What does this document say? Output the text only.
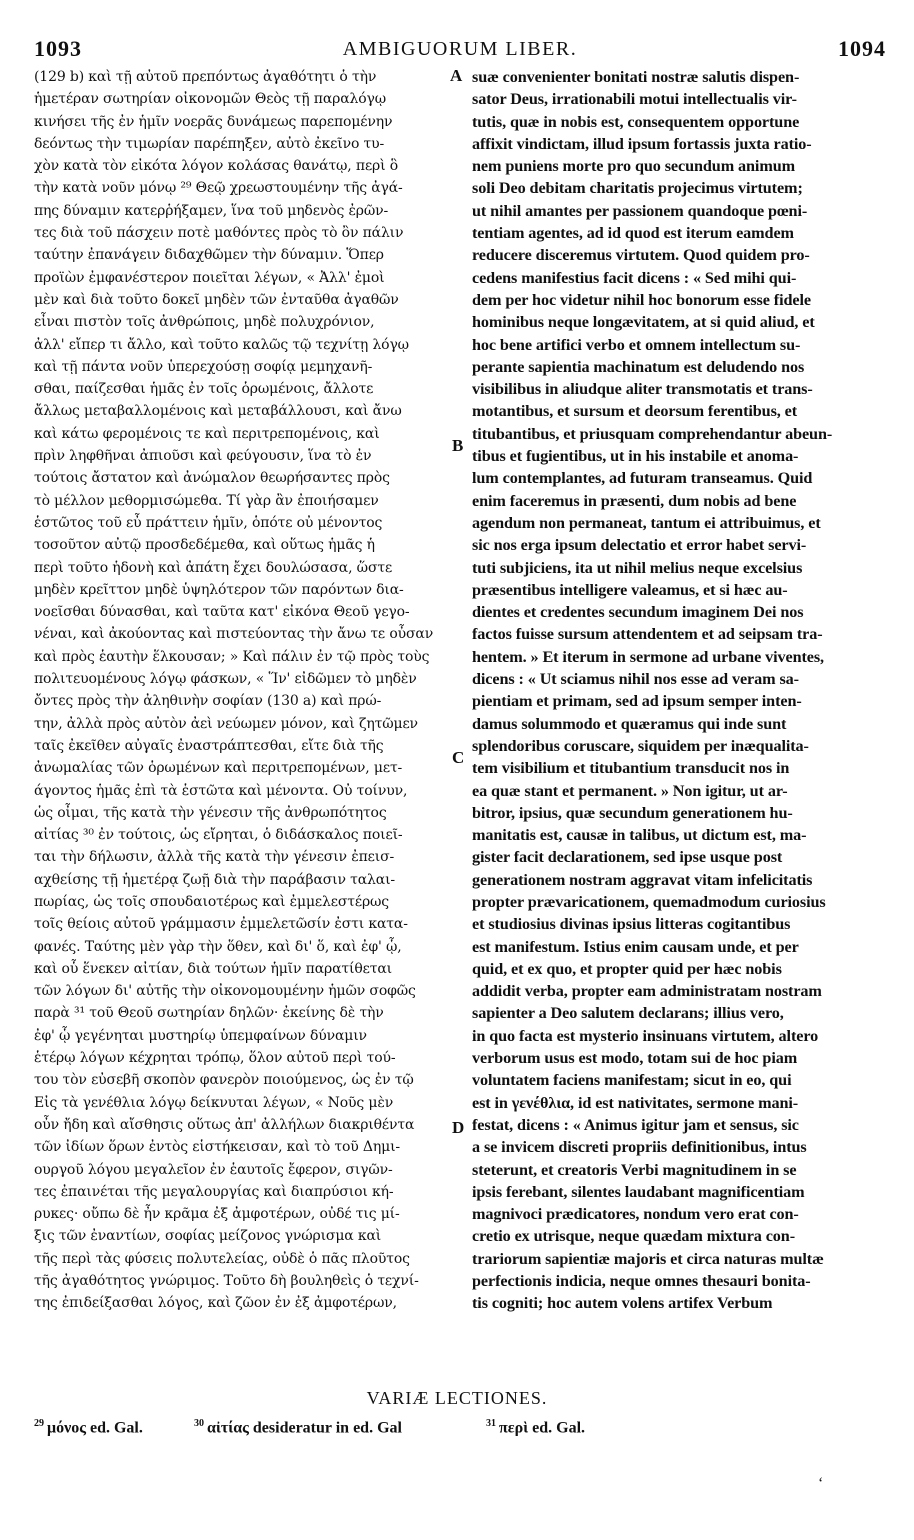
1093	AMBIGUORUM LIBER.	1094
(129 b) καὶ τῇ αὐτοῦ πρεπόντως ἀγαθότητι ὁ τὴν
ἡμετέραν σωτηρίαν οἰκονομῶν Θεὸς τῇ παραλόγῳ
κινήσει τῆς ἐν ἡμῖν νοερᾶς δυνάμεως παρεπομένην
δεόντως τὴν τιμωρίαν παρέπηξεν, αὐτὸ ἐκεῖνο τυ-
χὸν κατὰ τὸν εἰκότα λόγον κολάσας θανάτῳ, περὶ ὃ
τὴν κατὰ νοῦν μόνῳ ²⁹ Θεῷ χρεωστουμένην τῆς ἀγά-
πης δύναμιν κατερῥήξαμεν, ἵνα τοῦ μηδενὸς ἐρῶν-
τες διὰ τοῦ πάσχειν ποτὲ μαθόντες πρὸς τὸ ὂν πάλιν
ταύτην ἐπανάγειν διδαχθῶμεν τὴν δύναμιν. Ὅπερ
προϊὼν ἐμφανέστερον ποιεῖται λέγων, « Ἀλλ' ἐμοὶ
μὲν καὶ διὰ τοῦτο δοκεῖ μηδὲν τῶν ἐνταῦθα ἀγαθῶν
εἶναι πιστὸν τοῖς ἀνθρώποις, μηδὲ πολυχρόνιον,
ἀλλ' εἴπερ τι ἄλλο, καὶ τοῦτο καλῶς τῷ τεχνίτῃ λόγῳ
καὶ τῇ πάντα νοῦν ὑπερεχούσῃ σοφίᾳ μεμηχανῆ-
σθαι, παίζεσθαι ἡμᾶς ἐν τοῖς ὁρωμένοις, ἄλλοτε
ἄλλως μεταβαλλομένοις καὶ μεταβάλλουσι, καὶ ἄνω
καὶ κάτω φερομένοις τε καὶ περιτρεπομένοις, καὶ
πρὶν ληφθῆναι ἀπιοῦσι καὶ φεύγουσιν, ἵνα τὸ ἐν
τούτοις ἄστατον καὶ ἀνώμαλον θεωρήσαντες πρὸς
τὸ μέλλον μεθορμισώμεθα. Τί γὰρ ἂν ἐποιήσαμεν
ἑστῶτος τοῦ εὖ πράττειν ἡμῖν, ὁπότε οὐ μένοντος
τοσοῦτον αὐτῷ προσδεδέμεθα, καὶ οὕτως ἡμᾶς ἡ
περὶ τοῦτο ἡδονὴ καὶ ἀπάτη ἔχει δουλώσασα, ὥστε
μηδὲν κρεῖττον μηδὲ ὑψηλότερον τῶν παρόντων δια-
νοεῖσθαι δύνασθαι, καὶ ταῦτα κατ' εἰκόνα Θεοῦ γεγο-
νέναι, καὶ ἀκούοντας καὶ πιστεύοντας τὴν ἄνω τε οὖσαν
καὶ πρὸς ἑαυτὴν ἕλκουσαν; » Καὶ πάλιν ἐν τῷ πρὸς τοὺς
πολιτευομένους λόγῳ φάσκων, « Ἵν' εἰδῶμεν τὸ μηδὲν
ὄντες πρὸς τὴν ἀληθινὴν σοφίαν (130 a) καὶ πρώ-
την, ἀλλὰ πρὸς αὐτὸν ἀεὶ νεύωμεν μόνον, καὶ ζητῶμεν
ταῖς ἐκεῖθεν αὐγαῖς ἐναστράπτεσθαι, εἴτε διὰ τῆς
ἀνωμαλίας τῶν ὁρωμένων καὶ περιτρεπομένων, μετ-
άγοντος ἡμᾶς ἐπὶ τὰ ἑστῶτα καὶ μένοντα. Οὐ τοίνυν,
ὡς οἶμαι, τῆς κατὰ τὴν γένεσιν τῆς ἀνθρωπότητος
αἰτίας ³⁰ ἐν τούτοις, ὡς εἴρηται, ὁ διδάσκαλος ποιεῖ-
ται τὴν δήλωσιν, ἀλλὰ τῆς κατὰ τὴν γένεσιν ἐπεισ-
αχθείσης τῇ ἡμετέρᾳ ζωῇ διὰ τὴν παράβασιν ταλαι-
πωρίας, ὡς τοῖς σπουδαιοτέρως καὶ ἐμμελεστέρως
τοῖς θείοις αὐτοῦ γράμμασιν ἐμμελετῶσίν ἐστι κατα-
φανές. Ταύτης μὲν γὰρ τὴν ὅθεν, καὶ δι' ὅ, καὶ ἐφ' ᾧ,
καὶ οὗ ἕνεκεν αἰτίαν, διὰ τούτων ἡμῖν παρατίθεται
τῶν λόγων δι' αὐτῆς τὴν οἰκονομουμένην ἡμῶν σοφῶς
παρὰ ³¹ τοῦ Θεοῦ σωτηρίαν δηλῶν· ἐκείνης δὲ τὴν
ἐφ' ᾧ γεγένηται μυστηρίῳ ὑπεμφαίνων δύναμιν
ἑτέρῳ λόγων κέχρηται τρόπῳ, ὅλον αὐτοῦ περὶ τού-
του τὸν εὐσεβῆ σκοπὸν φανερὸν ποιούμενος, ὡς ἐν τῷ
Εἰς τὰ γενέθλια λόγῳ δείκνυται λέγων, « Νοῦς μὲν
οὖν ἤδη καὶ αἴσθησις οὕτως ἀπ' ἀλλήλων διακριθέντα
τῶν ἰδίων ὅρων ἐντὸς εἱστήκεισαν, καὶ τὸ τοῦ Δημι-
ουργοῦ λόγου μεγαλεῖον ἐν ἑαυτοῖς ἔφερον, σιγῶν-
τες ἐπαινέται τῆς μεγαλουργίας καὶ διαπρύσιοι κή-
ρυκες· οὔπω δὲ ἦν κρᾶμα ἐξ ἀμφοτέρων, οὐδέ τις μί-
ξις τῶν ἐναντίων, σοφίας μείζονος γνώρισμα καὶ
τῆς περὶ τὰς φύσεις πολυτελείας, οὐδὲ ὁ πᾶς πλοῦτος
τῆς ἀγαθότητος γνώριμος. Τοῦτο δὴ βουληθεὶς ὁ τεχνί-
της ἐπιδείξασθαι λόγος, καὶ ζῶον ἐν ἐξ ἀμφοτέρων,
suæ convenienter bonitati nostræ salutis dispen-
sator Deus, irrationabili motui intellectualis vir-
tutis, quæ in nobis est, consequentem opportune
affixit vindictam, illud ipsum fortassis juxta ratio-
nem puniens morte pro quo secundum animum
soli Deo debitam charitatis projecimus virtutem;
ut nihil amantes per passionem quandoque pœni-
tentiam agentes, ad id quod est iterum eamdem
reducere disceremus virtutem. Quod quidem pro-
cedens manifestius facit dicens : « Sed mihi qui-
dem per hoc videtur nihil hoc bonorum esse fidele
hominibus neque longævitatem, at si quid aliud, et
hoc bene artifici verbo et omnem intellectum su-
perante sapientia machinatum est deludendo nos
visibilibus in aliudque aliter transmotatis et trans-
motantibus, et sursum et deorsum ferentibus, et
titubantibus, et priusquam comprehendantur abeun-
tibus et fugientibus, ut in his instabile et anoma-
lum contemplantes, ad futuram transeamus. Quid
enim faceremus in præsenti, dum nobis ad bene
agendum non permaneat, tantum ei attribuimus, et
sic nos erga ipsum delectatio et error habet servi-
tuti subjiciens, ita ut nihil melius neque excelsius
præsentibus intelligere valeamus, et si hæc au-
dientes et credentes secundum imaginem Dei nos
factos fuisse sursum attendentem et ad seipsam tra-
hentem. » Et iterum in sermone ad urbane viventes,
dicens : « Ut sciamus nihil nos esse ad veram sa-
pientiam et primam, sed ad ipsum semper inten-
damus solummodo et quæramus qui inde sunt
splendoribus coruscare, siquidem per inæqualita-
tem visibilium et titubantium transducit nos in
ea quæ stant et permanent. » Non igitur, ut ar-
bitror, ipsius, quæ secundum generationem hu-
manitatis est, causæ in talibus, ut dictum est, ma-
gister facit declarationem, sed ipse usque post
generationem nostram aggravat vitam infelicitatis
propter prævaricationem, quemadmodum curiosius
et studiosius divinas ipsius litteras cogitantibus
est manifestum. Istius enim causam unde, et per
quid, et ex quo, et propter quid per hæc nobis
addidit verba, propter eam administratam nostram
sapienter a Deo salutem declarans; illius vero,
in quo facta est mysterio insinuans virtutem, altero
verborum usus est modo, totam sui de hoc piam
voluntatem faciens manifestam; sicut in eo, qui
est in γενέθλια, id est nativitates, sermone mani-
festat, dicens : « Animus igitur jam et sensus, sic
a se invicem discreti propriis definitionibus, intus
steterunt, et creatoris Verbi magnitudinem in se
ipsis ferebant, silentes laudabant magnificentiam
magnivoci prædicatores, nondum vero erat con-
cretio ex utrisque, neque quædam mixtura con-
trariorum sapientiæ majoris et circa naturas multæ
perfectionis indicia, neque omnes thesauri bonita-
tis cogniti; hoc autem volens artifex Verbum
A
B
C
D
VARIÆ LECTIONES.
$^{29}$ μόνος ed. Gal.	$^{30}$ αἰτίας desideratur in ed. Gal	$^{31}$ περὶ ed. Gal.
ʻ
